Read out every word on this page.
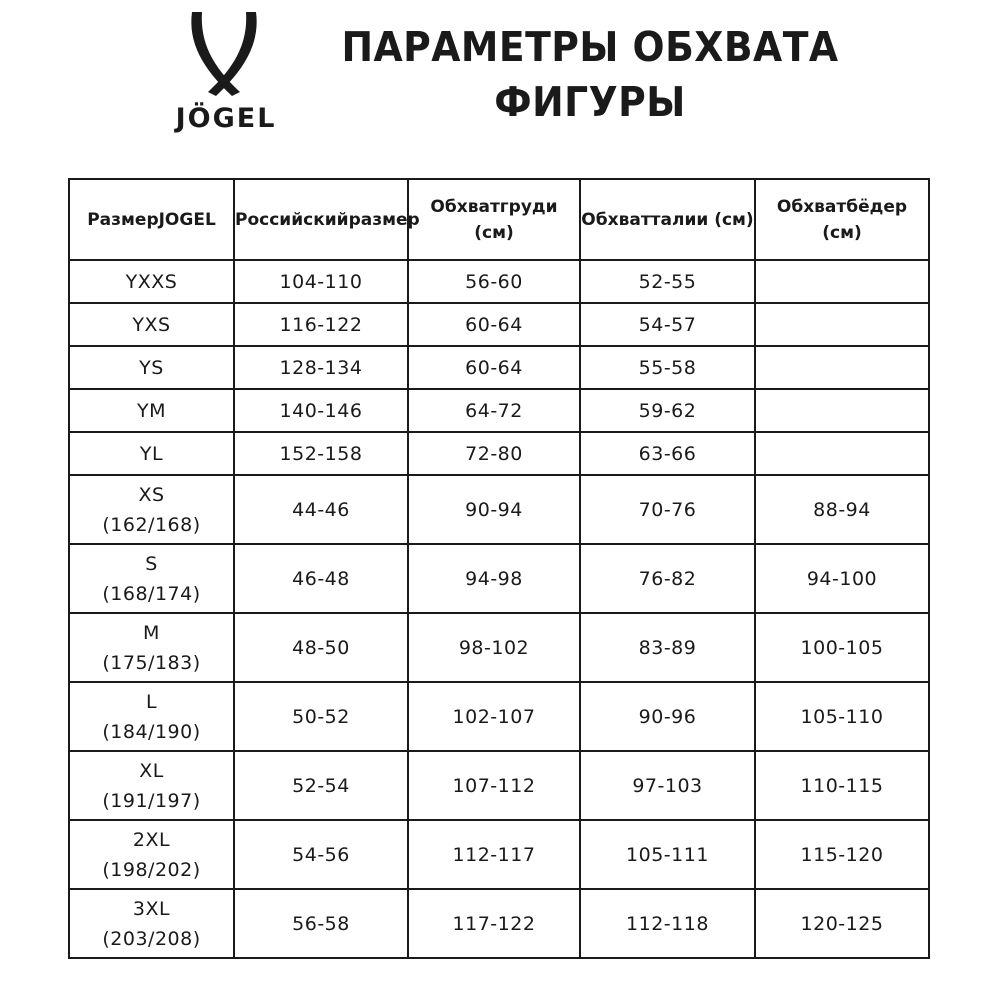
JÖGEL
ПАРАМЕТРЫ ОБХВАТА
ФИГУРЫ
РазмерJOGEL	Российскийразмер	Обхватгруди (см)	Обхватталии (см)	Обхватбёдер (см)
YXXS	104-110	56-60	52-55	
YXS	116-122	60-64	54-57	
YS	128-134	60-64	55-58	
YM	140-146	64-72	59-62	
YL	152-158	72-80	63-66	

XS
(162/168)	44-46	90-94	70-76	88-94

S
(168/174)	46-48	94-98	76-82	94-100

M
(175/183)	48-50	98-102	83-89	100-105

L
(184/190)	50-52	102-107	90-96	105-110

XL
(191/197)	52-54	107-112	97-103	110-115

2XL
(198/202)	54-56	112-117	105-111	115-120

3XL
(203/208)	56-58	117-122	112-118	120-125
